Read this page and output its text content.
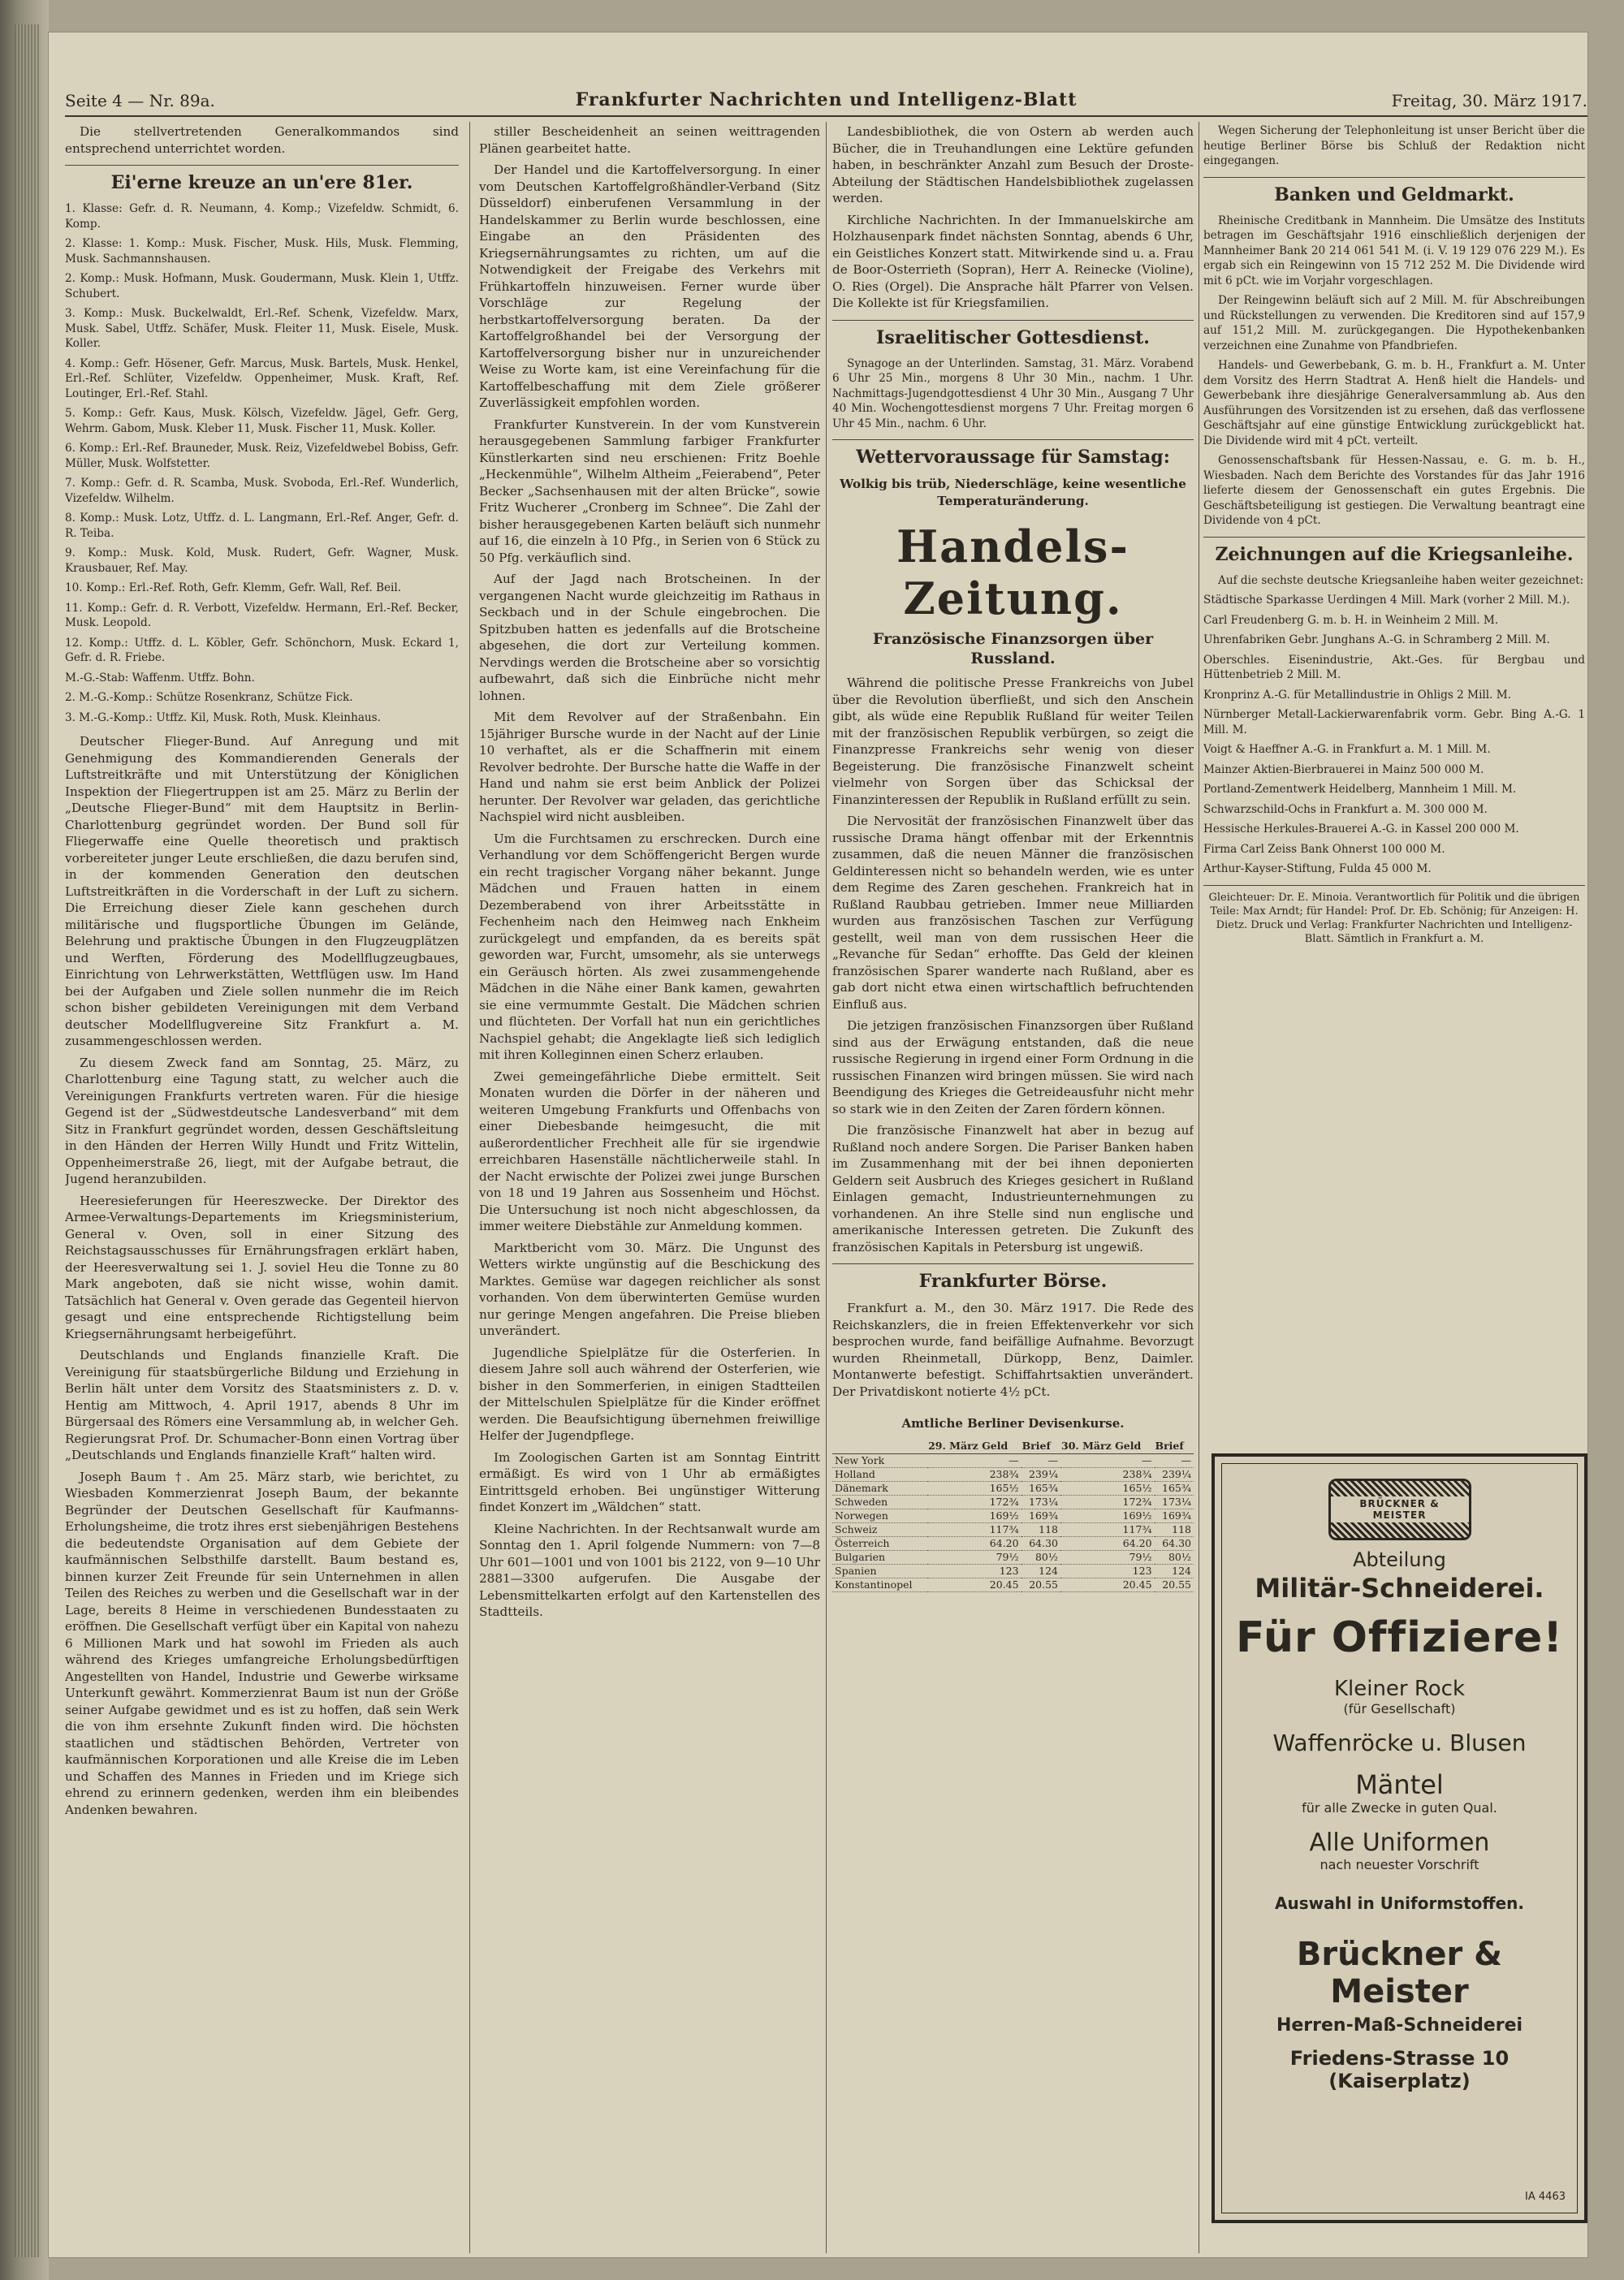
Seite 4 — Nr. 89a.	Frankfurter Nachrichten und Intelligenz-Blatt	Freitag, 30. März 1917.

Die stellvertretenden Generalkommandos sind entsprechend unterrichtet worden.

Ei'erne kreuze an un'ere 81er.

1. Klasse: Gefr. d. R. Neumann, 4. Komp.; Vizefeldw. Schmidt, 6. Komp.

2. Klasse: 1. Komp.: Musk. Fischer, Musk. Hils, Musk. Flemming, Musk. Sachmannshausen.

2. Komp.: Musk. Hofmann, Musk. Goudermann, Musk. Klein 1, Utffz. Schubert.

3. Komp.: Musk. Buckelwaldt, Erl.-Ref. Schenk, Vizefeldw. Marx, Musk. Sabel, Utffz. Schäfer, Musk. Fleiter 11, Musk. Eisele, Musk. Koller.

4. Komp.: Gefr. Hösener, Gefr. Marcus, Musk. Bartels, Musk. Henkel, Erl.-Ref. Schlüter, Vizefeldw. Oppenheimer, Musk. Kraft, Ref. Loutinger, Erl.-Ref. Stahl.

5. Komp.: Gefr. Kaus, Musk. Kölsch, Vizefeldw. Jägel, Gefr. Gerg, Wehrm. Gabom, Musk. Kleber 11, Musk. Fischer 11, Musk. Koller.

6. Komp.: Erl.-Ref. Brauneder, Musk. Reiz, Vizefeldwebel Bobiss, Gefr. Müller, Musk. Wolfstetter.

7. Komp.: Gefr. d. R. Scamba, Musk. Svoboda, Erl.-Ref. Wunderlich, Vizefeldw. Wilhelm.

8. Komp.: Musk. Lotz, Utffz. d. L. Langmann, Erl.-Ref. Anger, Gefr. d. R. Teiba.

9. Komp.: Musk. Kold, Musk. Rudert, Gefr. Wagner, Musk. Krausbauer, Ref. May.

10. Komp.: Erl.-Ref. Roth, Gefr. Klemm, Gefr. Wall, Ref. Beil.

11. Komp.: Gefr. d. R. Verbott, Vizefeldw. Hermann, Erl.-Ref. Becker, Musk. Leopold.

12. Komp.: Utffz. d. L. Köbler, Gefr. Schönchorn, Musk. Eckard 1, Gefr. d. R. Friebe.

M.-G.-Stab: Waffenm. Utffz. Bohn.

2. M.-G.-Komp.: Schütze Rosenkranz, Schütze Fick.

3. M.-G.-Komp.: Utffz. Kil, Musk. Roth, Musk. Kleinhaus.

Deutscher Flieger-Bund. Auf Anregung und mit Genehmigung des Kommandierenden Generals der Luftstreitkräfte und mit Unterstützung der Königlichen Inspektion der Fliegertruppen ist am 25. März zu Berlin der „Deutsche Flieger-Bund“ mit dem Hauptsitz in Berlin-Charlottenburg gegründet worden. Der Bund soll für Fliegerwaffe eine Quelle theoretisch und praktisch vorbereiteter junger Leute erschließen, die dazu berufen sind, in der kommenden Generation den deutschen Luftstreitkräften in die Vorderschaft in der Luft zu sichern. Die Erreichung dieser Ziele kann geschehen durch militärische und flugsportliche Übungen im Gelände, Belehrung und praktische Übungen in den Flugzeugplätzen und Werften, Förderung des Modellflugzeugbaues, Einrichtung von Lehrwerkstätten, Wettflügen usw. Im Hand bei der Aufgaben und Ziele sollen nunmehr die im Reich schon bisher gebildeten Vereinigungen mit dem Verband deutscher Modellflugvereine Sitz Frankfurt a. M. zusammengeschlossen werden.

Zu diesem Zweck fand am Sonntag, 25. März, zu Charlottenburg eine Tagung statt, zu welcher auch die Vereinigungen Frankfurts vertreten waren. Für die hiesige Gegend ist der „Südwestdeutsche Landesverband“ mit dem Sitz in Frankfurt gegründet worden, dessen Geschäftsleitung in den Händen der Herren Willy Hundt und Fritz Wittelin, Oppenheimerstraße 26, liegt, mit der Aufgabe betraut, die Jugend heranzubilden.

Heeresieferungen für Heereszwecke. Der Direktor des Armee-Verwaltungs-Departements im Kriegsministerium, General v. Oven, soll in einer Sitzung des Reichstagsausschusses für Ernährungsfragen erklärt haben, der Heeresverwaltung sei 1. J. soviel Heu die Tonne zu 80 Mark angeboten, daß sie nicht wisse, wohin damit. Tatsächlich hat General v. Oven gerade das Gegenteil hiervon gesagt und eine entsprechende Richtigstellung beim Kriegsernährungsamt herbeigeführt.

Deutschlands und Englands finanzielle Kraft. Die Vereinigung für staatsbürgerliche Bildung und Erziehung in Berlin hält unter dem Vorsitz des Staatsministers z. D. v. Hentig am Mittwoch, 4. April 1917, abends 8 Uhr im Bürgersaal des Römers eine Versammlung ab, in welcher Geh. Regierungsrat Prof. Dr. Schumacher-Bonn einen Vortrag über „Deutschlands und Englands finanzielle Kraft“ halten wird.

Joseph Baum †. Am 25. März starb, wie berichtet, zu Wiesbaden Kommerzienrat Joseph Baum, der bekannte Begründer der Deutschen Gesellschaft für Kaufmanns-Erholungsheime, die trotz ihres erst siebenjährigen Bestehens die bedeutendste Organisation auf dem Gebiete der kaufmännischen Selbsthilfe darstellt. Baum bestand es, binnen kurzer Zeit Freunde für sein Unternehmen in allen Teilen des Reiches zu werben und die Gesellschaft war in der Lage, bereits 8 Heime in verschiedenen Bundesstaaten zu eröffnen. Die Gesellschaft verfügt über ein Kapital von nahezu 6 Millionen Mark und hat sowohl im Frieden als auch während des Krieges umfangreiche Erholungsbedürftigen Angestellten von Handel, Industrie und Gewerbe wirksame Unterkunft gewährt. Kommerzienrat Baum ist nun der Größe seiner Aufgabe gewidmet und es ist zu hoffen, daß sein Werk die von ihm ersehnte Zukunft finden wird. Die höchsten staatlichen und städtischen Behörden, Vertreter von kaufmännischen Korporationen und alle Kreise die im Leben und Schaffen des Mannes in Frieden und im Kriege sich ehrend zu erinnern gedenken, werden ihm ein bleibendes Andenken bewahren.

stiller Bescheidenheit an seinen weittragenden Plänen gearbeitet hatte.

Der Handel und die Kartoffelversorgung. In einer vom Deutschen Kartoffelgroßhändler-Verband (Sitz Düsseldorf) einberufenen Versammlung in der Handelskammer zu Berlin wurde beschlossen, eine Eingabe an den Präsidenten des Kriegsernährungsamtes zu richten, um auf die Notwendigkeit der Freigabe des Verkehrs mit Frühkartoffeln hinzuweisen. Ferner wurde über Vorschläge zur Regelung der herbstkartoffelversorgung beraten. Da der Kartoffelgroßhandel bei der Versorgung der Kartoffelversorgung bisher nur in unzureichender Weise zu Worte kam, ist eine Vereinfachung für die Kartoffelbeschaffung mit dem Ziele größerer Zuverlässigkeit empfohlen worden.

Frankfurter Kunstverein. In der vom Kunstverein herausgegebenen Sammlung farbiger Frankfurter Künstlerkarten sind neu erschienen: Fritz Boehle „Heckenmühle“, Wilhelm Altheim „Feierabend“, Peter Becker „Sachsenhausen mit der alten Brücke“, sowie Fritz Wucherer „Cronberg im Schnee“. Die Zahl der bisher herausgegebenen Karten beläuft sich nunmehr auf 16, die einzeln à 10 Pfg., in Serien von 6 Stück zu 50 Pfg. verkäuflich sind.

Auf der Jagd nach Brotscheinen. In der vergangenen Nacht wurde gleichzeitig im Rathaus in Seckbach und in der Schule eingebrochen. Die Spitzbuben hatten es jedenfalls auf die Brotscheine abgesehen, die dort zur Verteilung kommen. Nervdings werden die Brotscheine aber so vorsichtig aufbewahrt, daß sich die Einbrüche nicht mehr lohnen.

Mit dem Revolver auf der Straßenbahn. Ein 15jähriger Bursche wurde in der Nacht auf der Linie 10 verhaftet, als er die Schaffnerin mit einem Revolver bedrohte. Der Bursche hatte die Waffe in der Hand und nahm sie erst beim Anblick der Polizei herunter. Der Revolver war geladen, das gerichtliche Nachspiel wird nicht ausbleiben.

Um die Furchtsamen zu erschrecken. Durch eine Verhandlung vor dem Schöffengericht Bergen wurde ein recht tragischer Vorgang näher bekannt. Junge Mädchen und Frauen hatten in einem Dezemberabend von ihrer Arbeitsstätte in Fechenheim nach den Heimweg nach Enkheim zurückgelegt und empfanden, da es bereits spät geworden war, Furcht, umsomehr, als sie unterwegs ein Geräusch hörten. Als zwei zusammengehende Mädchen in die Nähe einer Bank kamen, gewahrten sie eine vermummte Gestalt. Die Mädchen schrien und flüchteten. Der Vorfall hat nun ein gerichtliches Nachspiel gehabt; die Angeklagte ließ sich lediglich mit ihren Kolleginnen einen Scherz erlauben.

Zwei gemeingefährliche Diebe ermittelt. Seit Monaten wurden die Dörfer in der näheren und weiteren Umgebung Frankfurts und Offenbachs von einer Diebesbande heimgesucht, die mit außerordentlicher Frechheit alle für sie irgendwie erreichbaren Hasenställe nächtlicherweile stahl. In der Nacht erwischte der Polizei zwei junge Burschen von 18 und 19 Jahren aus Sossenheim und Höchst. Die Untersuchung ist noch nicht abgeschlossen, da immer weitere Diebstähle zur Anmeldung kommen.

Marktbericht vom 30. März. Die Ungunst des Wetters wirkte ungünstig auf die Beschickung des Marktes. Gemüse war dagegen reichlicher als sonst vorhanden. Von dem überwinterten Gemüse wurden nur geringe Mengen angefahren. Die Preise blieben unverändert.

Jugendliche Spielplätze für die Osterferien. In diesem Jahre soll auch während der Osterferien, wie bisher in den Sommerferien, in einigen Stadtteilen der Mittelschulen Spielplätze für die Kinder eröffnet werden. Die Beaufsichtigung übernehmen freiwillige Helfer der Jugendpflege.

Im Zoologischen Garten ist am Sonntag Eintritt ermäßigt. Es wird von 1 Uhr ab ermäßigtes Eintrittsgeld erhoben. Bei ungünstiger Witterung findet Konzert im „Wäldchen“ statt.

Kleine Nachrichten. In der Rechtsanwalt wurde am Sonntag den 1. April folgende Nummern: von 7—8 Uhr 601—1001 und von 1001 bis 2122, von 9—10 Uhr 2881—3300 aufgerufen. Die Ausgabe der Lebensmittelkarten erfolgt auf den Kartenstellen des Stadtteils.

Landesbibliothek, die von Ostern ab werden auch Bücher, die in Treuhandlungen eine Lektüre gefunden haben, in beschränkter Anzahl zum Besuch der Droste-Abteilung der Städtischen Handelsbibliothek zugelassen werden.

Kirchliche Nachrichten. In der Immanuelskirche am Holzhausenpark findet nächsten Sonntag, abends 6 Uhr, ein Geistliches Konzert statt. Mitwirkende sind u. a. Frau de Boor-Osterrieth (Sopran), Herr A. Reinecke (Violine), O. Ries (Orgel). Die Ansprache hält Pfarrer von Velsen. Die Kollekte ist für Kriegsfamilien.

Israelitischer Gottesdienst.

Synagoge an der Unterlinden. Samstag, 31. März. Vorabend 6 Uhr 25 Min., morgens 8 Uhr 30 Min., nachm. 1 Uhr. Nachmittags-Jugendgottesdienst 4 Uhr 30 Min., Ausgang 7 Uhr 40 Min. Wochengottesdienst morgens 7 Uhr. Freitag morgen 6 Uhr 45 Min., nachm. 6 Uhr.

Wettervoraussage für Samstag:

Wolkig bis trüb, Niederschläge, keine wesentliche Temperaturänderung.

Handels-Zeitung.
Französische Finanzsorgen über Russland.

Während die politische Presse Frankreichs von Jubel über die Revolution überfließt, und sich den Anschein gibt, als wüde eine Republik Rußland für weiter Teilen mit der französischen Republik verbürgen, so zeigt die Finanzpresse Frankreichs sehr wenig von dieser Begeisterung. Die französische Finanzwelt scheint vielmehr von Sorgen über das Schicksal der Finanzinteressen der Republik in Rußland erfüllt zu sein.

Die Nervosität der französischen Finanzwelt über das russische Drama hängt offenbar mit der Erkenntnis zusammen, daß die neuen Männer die französischen Geldinteressen nicht so behandeln werden, wie es unter dem Regime des Zaren geschehen. Frankreich hat in Rußland Raubbau getrieben. Immer neue Milliarden wurden aus französischen Taschen zur Verfügung gestellt, weil man von dem russischen Heer die „Revanche für Sedan“ erhoffte. Das Geld der kleinen französischen Sparer wanderte nach Rußland, aber es gab dort nicht etwa einen wirtschaftlich befruchtenden Einfluß aus.

Die jetzigen französischen Finanzsorgen über Rußland sind aus der Erwägung entstanden, daß die neue russische Regierung in irgend einer Form Ordnung in die russischen Finanzen wird bringen müssen. Sie wird nach Beendigung des Krieges die Getreideausfuhr nicht mehr so stark wie in den Zeiten der Zaren fördern können.

Die französische Finanzwelt hat aber in bezug auf Rußland noch andere Sorgen. Die Pariser Banken haben im Zusammenhang mit der bei ihnen deponierten Geldern seit Ausbruch des Krieges gesichert in Rußland Einlagen gemacht, Industrieunternehmungen zu vorhandenen. An ihre Stelle sind nun englische und amerikanische Interessen getreten. Die Zukunft des französischen Kapitals in Petersburg ist ungewiß.

Frankfurter Börse.

Frankfurt a. M., den 30. März 1917. Die Rede des Reichskanzlers, die in freien Effektenverkehr vor sich besprochen wurde, fand beifällige Aufnahme. Bevorzugt wurden Rheinmetall, Dürkopp, Benz, Daimler. Montanwerte befestigt. Schiffahrtsaktien unverändert. Der Privatdiskont notierte 4½ pCt.

Amtliche Berliner Devisenkurse.
	29. März Geld	Brief	30. März Geld	Brief
New York	—	—	—	—
Holland	238¾	239¼	238¾	239¼
Dänemark	165½	165¾	165½	165¾
Schweden	172¾	173¼	172¾	173¼
Norwegen	169½	169¾	169½	169¾
Schweiz	117¾	118	117¾	118
Österreich	64.20	64.30	64.20	64.30
Bulgarien	79½	80½	79½	80½
Spanien	123	124	123	124
Konstantinopel	20.45	20.55	20.45	20.55

Wegen Sicherung der Telephonleitung ist unser Bericht über die heutige Berliner Börse bis Schluß der Redaktion nicht eingegangen.

Banken und Geldmarkt.

Rheinische Creditbank in Mannheim. Die Umsätze des Instituts betragen im Geschäftsjahr 1916 einschließlich derjenigen der Mannheimer Bank 20 214 061 541 M. (i. V. 19 129 076 229 M.). Es ergab sich ein Reingewinn von 15 712 252 M. Die Dividende wird mit 6 pCt. wie im Vorjahr vorgeschlagen.

Der Reingewinn beläuft sich auf 2 Mill. M. für Abschreibungen und Rückstellungen zu verwenden. Die Kreditoren sind auf 157,9 auf 151,2 Mill. M. zurückgegangen. Die Hypothekenbanken verzeichnen eine Zunahme von Pfandbriefen.

Handels- und Gewerbebank, G. m. b. H., Frankfurt a. M. Unter dem Vorsitz des Herrn Stadtrat A. Henß hielt die Handels- und Gewerbebank ihre diesjährige Generalversammlung ab. Aus den Ausführungen des Vorsitzenden ist zu ersehen, daß das verflossene Geschäftsjahr auf eine günstige Entwicklung zurückgeblickt hat. Die Dividende wird mit 4 pCt. verteilt.

Genossenschaftsbank für Hessen-Nassau, e. G. m. b. H., Wiesbaden. Nach dem Berichte des Vorstandes für das Jahr 1916 lieferte diesem der Genossenschaft ein gutes Ergebnis. Die Geschäftsbeteiligung ist gestiegen. Die Verwaltung beantragt eine Dividende von 4 pCt.

Zeichnungen auf die Kriegsanleihe.

Auf die sechste deutsche Kriegsanleihe haben weiter gezeichnet:

Städtische Sparkasse Uerdingen 4 Mill. Mark (vorher 2 Mill. M.).

Carl Freudenberg G. m. b. H. in Weinheim 2 Mill. M.

Uhrenfabriken Gebr. Junghans A.-G. in Schramberg 2 Mill. M.

Oberschles. Eisenindustrie, Akt.-Ges. für Bergbau und Hüttenbetrieb 2 Mill. M.

Kronprinz A.-G. für Metallindustrie in Ohligs 2 Mill. M.

Nürnberger Metall-Lackierwarenfabrik vorm. Gebr. Bing A.-G. 1 Mill. M.

Voigt & Haeffner A.-G. in Frankfurt a. M. 1 Mill. M.

Mainzer Aktien-Bierbrauerei in Mainz 500 000 M.

Portland-Zementwerk Heidelberg, Mannheim 1 Mill. M.

Schwarzschild-Ochs in Frankfurt a. M. 300 000 M.

Hessische Herkules-Brauerei A.-G. in Kassel 200 000 M.

Firma Carl Zeiss Bank Ohnerst 100 000 M.

Arthur-Kayser-Stiftung, Fulda 45 000 M.

Gleichteuer: Dr. E. Minoia. Verantwortlich für Politik und die übrigen Teile: Max Arndt; für Handel: Prof. Dr. Eb. Schönig; für Anzeigen: H. Dietz. Druck und Verlag: Frankfurter Nachrichten und Intelligenz-Blatt. Sämtlich in Frankfurt a. M.
BRÜCKNER & MEISTER
Abteilung
Militär-Schneiderei.
Für Offiziere!
Kleiner Rock
(für Gesellschaft)
Waffenröcke u. Blusen
Mäntel
für alle Zwecke in guten Qual.
Alle Uniformen
nach neuester Vorschrift
Auswahl in Uniformstoffen.
Brückner & Meister
Herren-Maß-Schneiderei
Friedens-Strasse 10 (Kaiserplatz)
IA 4463
